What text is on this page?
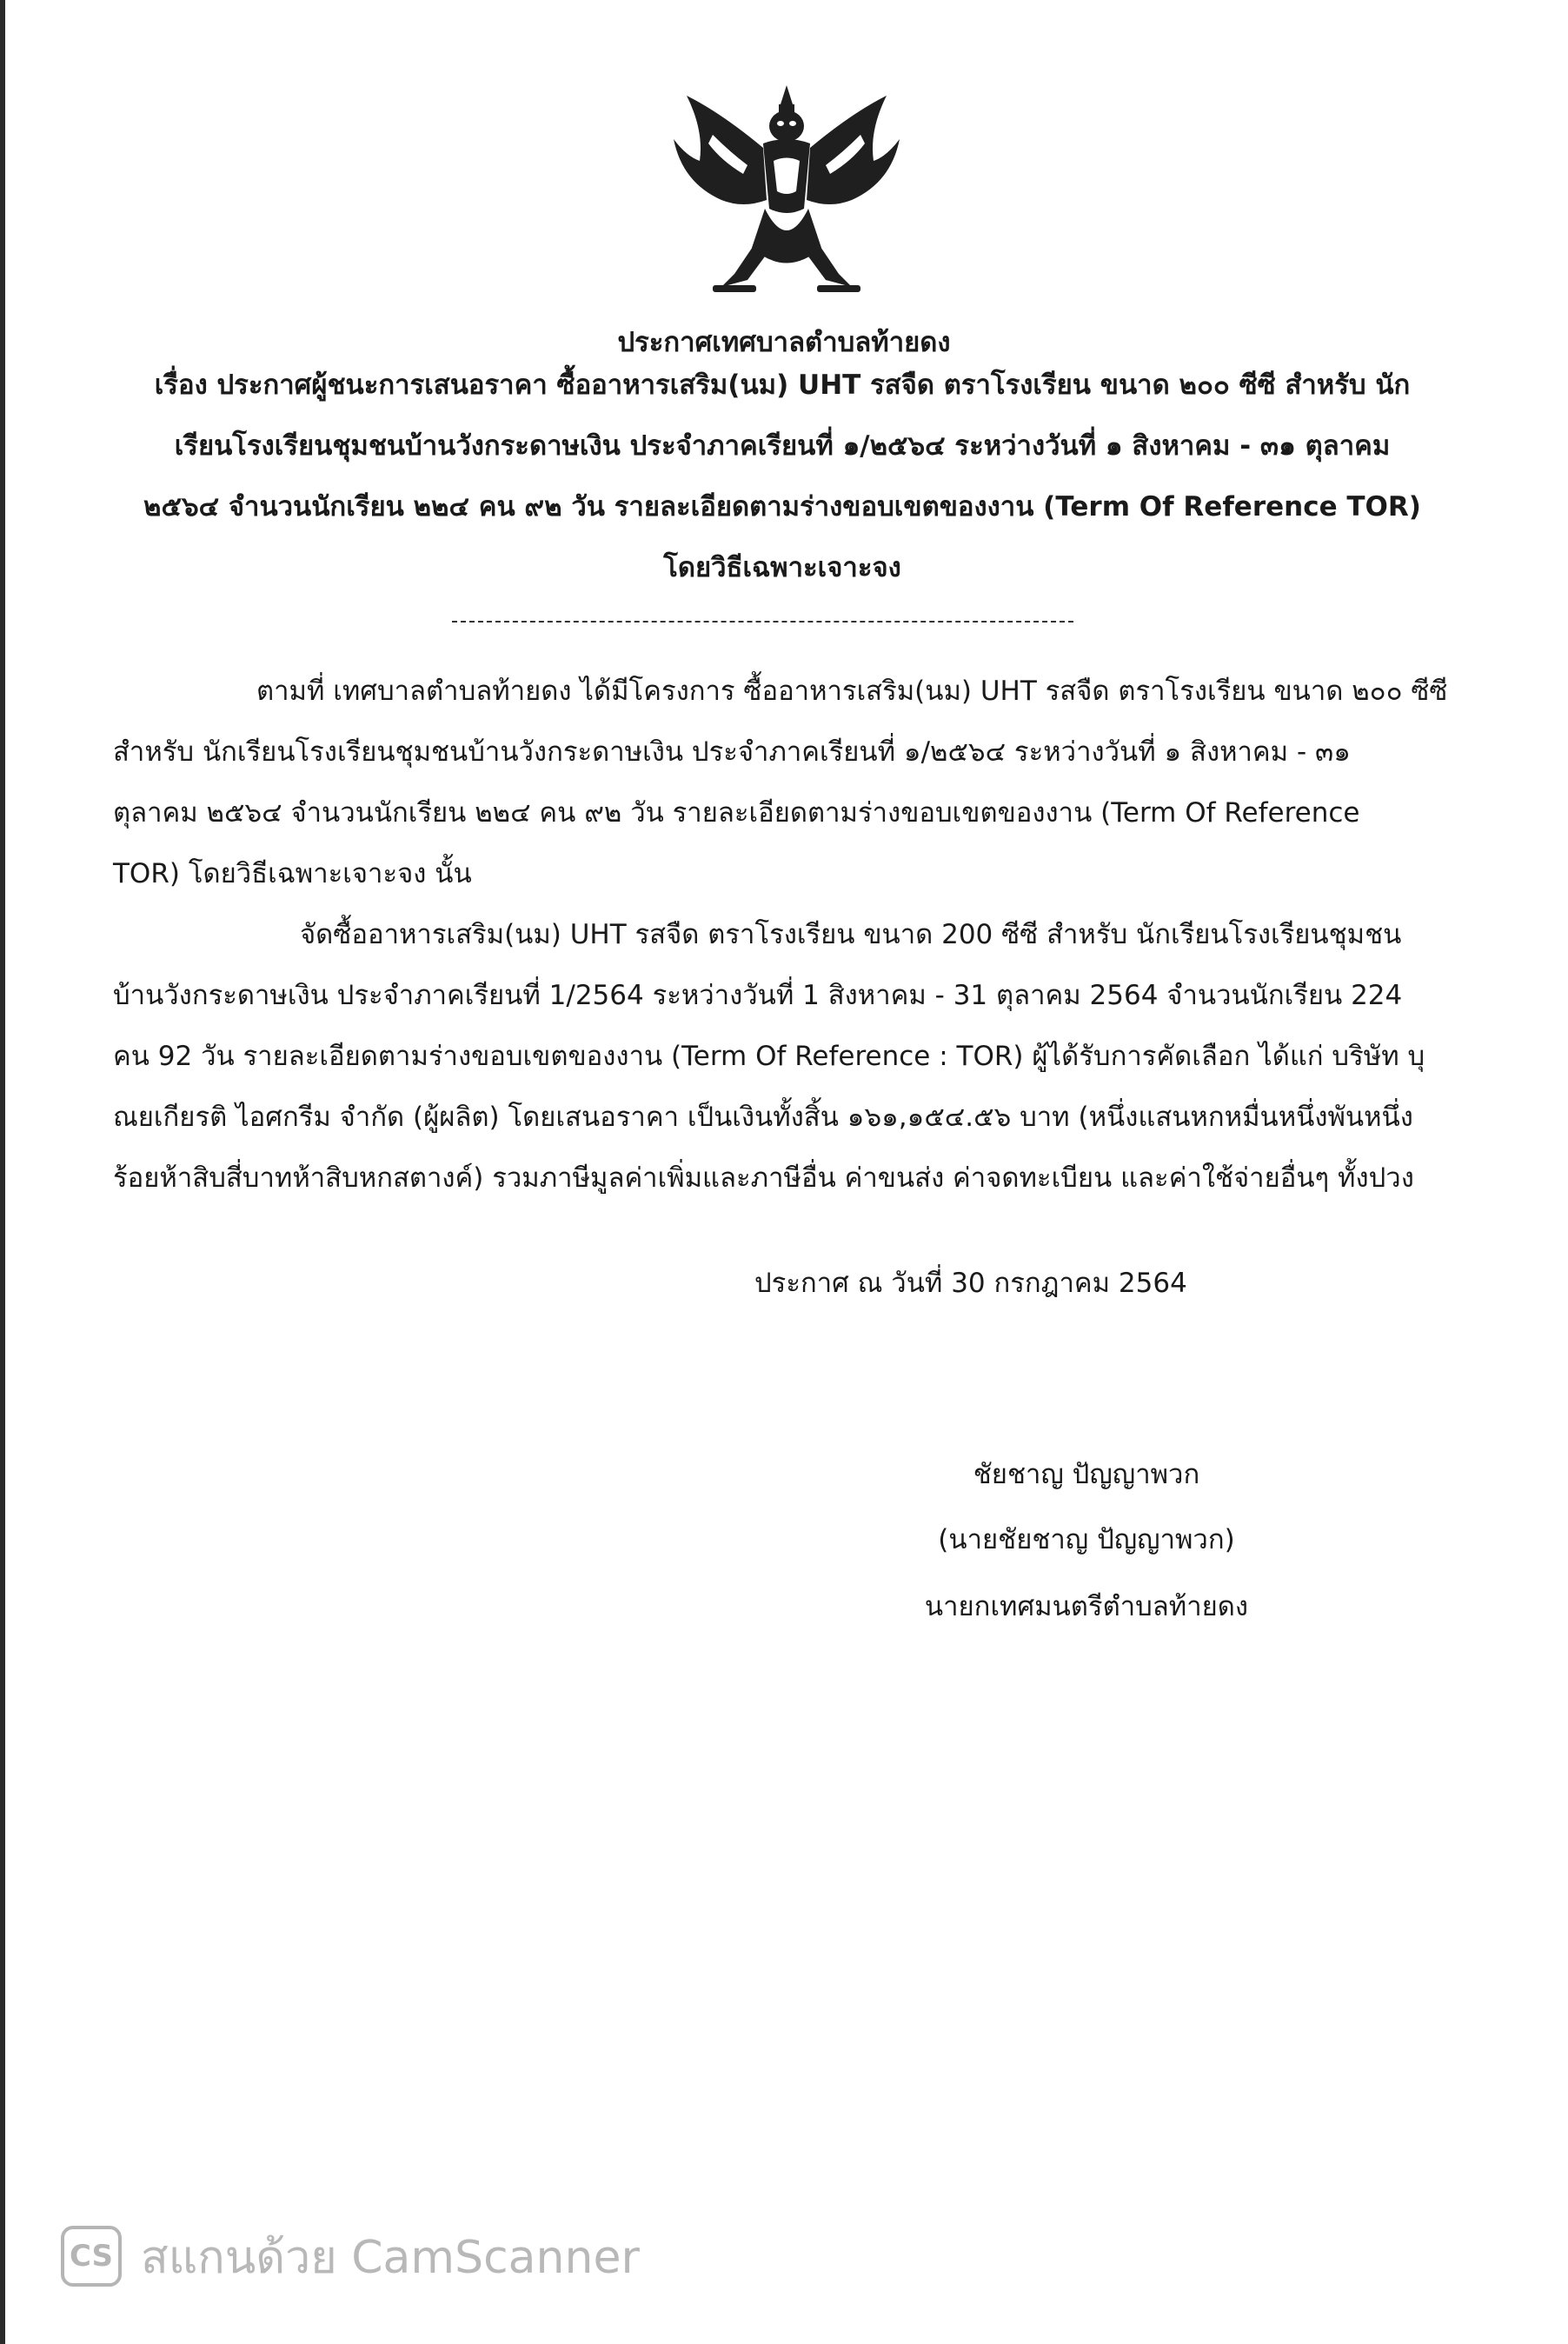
ประกาศเทศบาลตำบลท้ายดง
เรื่อง ประกาศผู้ชนะการเสนอราคา ซื้ออาหารเสริม(นม) UHT รสจืด ตราโรงเรียน ขนาด ๒๐๐ ซีซี สำหรับ นัก
เรียนโรงเรียนชุมชนบ้านวังกระดาษเงิน ประจำภาคเรียนที่ ๑/๒๕๖๔ ระหว่างวันที่ ๑ สิงหาคม - ๓๑ ตุลาคม
๒๕๖๔ จำนวนนักเรียน ๒๒๔ คน ๙๒ วัน รายละเอียดตามร่างขอบเขตของงาน (Term Of Reference TOR)
โดยวิธีเฉพาะเจาะจง
ตามที่ เทศบาลตำบลท้ายดง ได้มีโครงการ ซื้ออาหารเสริม(นม) UHT รสจืด ตราโรงเรียน ขนาด ๒๐๐ ซีซี
สำหรับ นักเรียนโรงเรียนชุมชนบ้านวังกระดาษเงิน ประจำภาคเรียนที่ ๑/๒๕๖๔ ระหว่างวันที่ ๑ สิงหาคม - ๓๑
ตุลาคม ๒๕๖๔ จำนวนนักเรียน ๒๒๔ คน ๙๒ วัน รายละเอียดตามร่างขอบเขตของงาน (Term Of Reference
TOR) โดยวิธีเฉพาะเจาะจง นั้น
จัดซื้ออาหารเสริม(นม) UHT รสจืด ตราโรงเรียน ขนาด 200 ซีซี สำหรับ นักเรียนโรงเรียนชุมชน
บ้านวังกระดาษเงิน ประจำภาคเรียนที่ 1/2564 ระหว่างวันที่ 1 สิงหาคม - 31 ตุลาคม 2564 จำนวนนักเรียน 224
คน 92 วัน รายละเอียดตามร่างขอบเขตของงาน (Term Of Reference : TOR) ผู้ได้รับการคัดเลือก ได้แก่ บริษัท บุ
ณยเกียรติ ไอศกรีม จำกัด (ผู้ผลิต) โดยเสนอราคา เป็นเงินทั้งสิ้น ๑๖๑,๑๕๔.๕๖ บาท (หนึ่งแสนหกหมื่นหนึ่งพันหนึ่ง
ร้อยห้าสิบสี่บาทห้าสิบหกสตางค์) รวมภาษีมูลค่าเพิ่มและภาษีอื่น ค่าขนส่ง ค่าจดทะเบียน และค่าใช้จ่ายอื่นๆ ทั้งปวง
ประกาศ ณ วันที่ 30 กรกฎาคม 2564
ชัยชาญ ปัญญาพวก
(นายชัยชาญ ปัญญาพวก)
นายกเทศมนตรีตำบลท้ายดง
CS สแกนด้วย CamScanner
